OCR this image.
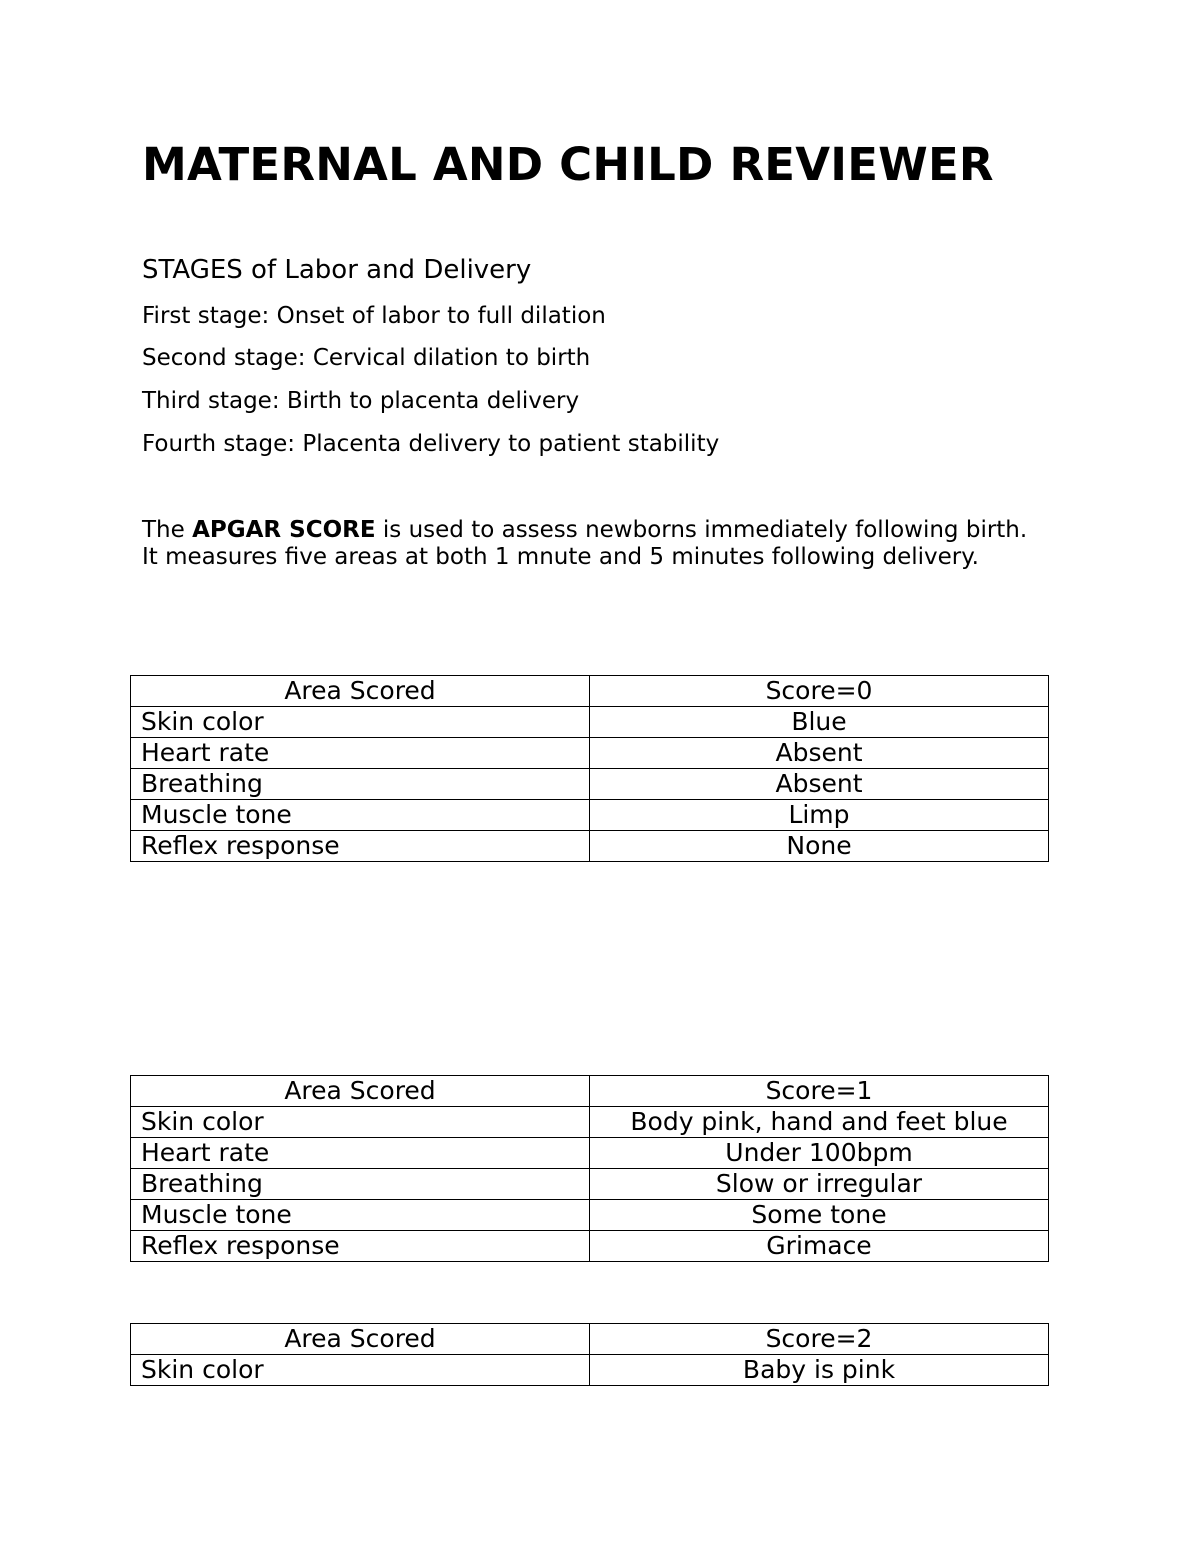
MATERNAL AND CHILD REVIEWER
STAGES of Labor and Delivery

First stage: Onset of labor to full dilation

Second stage: Cervical dilation to birth

Third stage: Birth to placenta delivery

Fourth stage: Placenta delivery to patient stability

The APGAR SCORE is used to assess newborns immediately following birth.
It measures five areas at both 1 mnute and 5 minutes following delivery.

Area Scored	Score=0
Skin color	Blue
Heart rate	Absent
Breathing	Absent
Muscle tone	Limp
Reflex response	None
Area Scored	Score=1
Skin color	Body pink, hand and feet blue
Heart rate	Under 100bpm
Breathing	Slow or irregular
Muscle tone	Some tone
Reflex response	Grimace
Area Scored	Score=2
Skin color	Baby is pink
